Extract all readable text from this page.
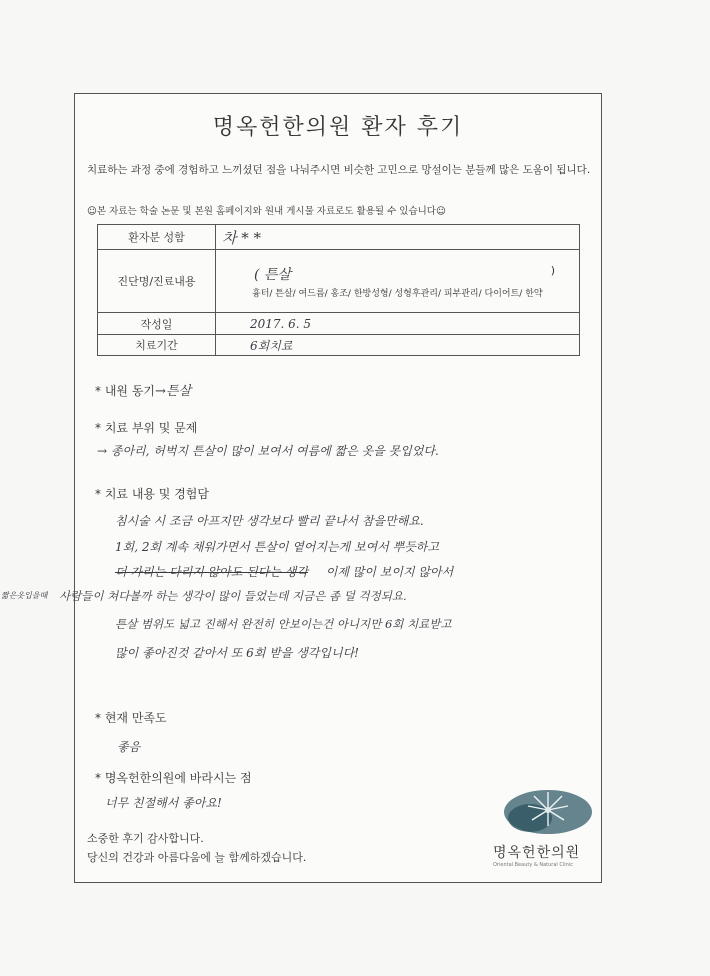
명옥헌한의원 환자 후기
치료하는 과정 중에 경험하고 느끼셨던 점을 나눠주시면 비슷한 고민으로 망설이는 분들께 많은 도움이 됩니다.
☺본 자료는 학술 논문 및 본원 홈페이지와 원내 게시물 자료로도 활용될 수 있습니다☺
환자분 성함	차 * *
진단명/진료내용	( 튼살 )
흉터/ 튼살/ 여드름/ 홍조/ 한방성형/ 성형후관리/ 피부관리/ 다이어트/ 한약

작성일	2017. 6. 5
치료기간	6회치료
* 내원 동기→튼살
* 치료 부위 및 문제
→ 종아리, 허벅지 튼살이 많이 보여서 여름에 짧은 옷을 못입었다.
* 치료 내용 및 경험담
침시술 시 조금 아프지만 생각보다 빨리 끝나서 참을만해요.
1회, 2회 계속 채워가면서 튼살이 옅어지는게 보여서 뿌듯하고
더 가리는 다리지 않아도 된다는 생각 이제 많이 보이지 않아서
짧은옷입을때 사람들이 쳐다볼까 하는 생각이 많이 들었는데 지금은 좀 덜 걱정되요.
튼살 범위도 넓고 진해서 완전히 안보이는건 아니지만 6회 치료받고
많이 좋아진것 같아서 또 6회 받을 생각입니다!
* 현재 만족도
좋음
* 명옥헌한의원에 바라시는 점
너무 친절해서 좋아요!
소중한 후기 감사합니다.
당신의 건강과 아름다움에 늘 함께하겠습니다.	명옥헌한의원
Oriental Beauty & Natural Clinic
